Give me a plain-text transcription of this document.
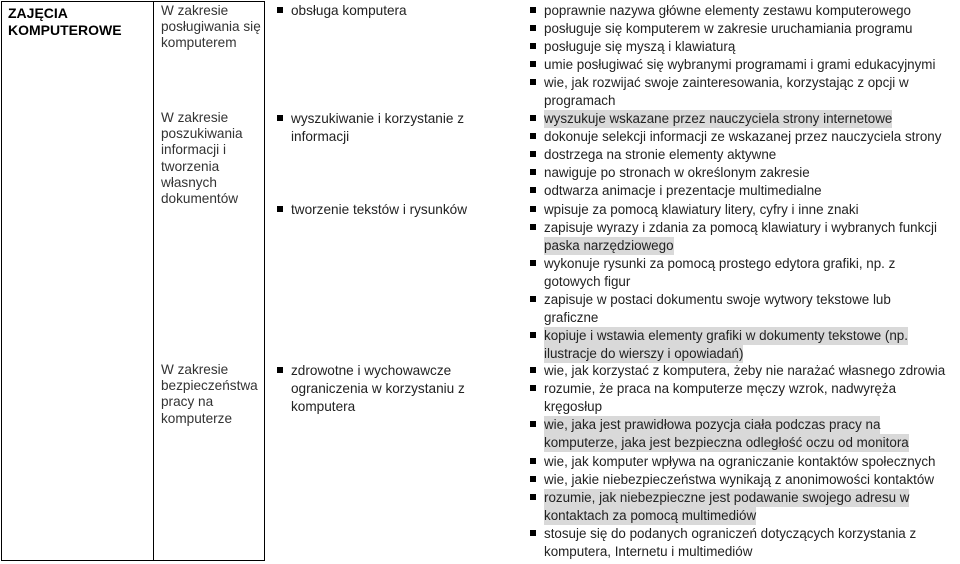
ZAJĘCIA KOMPUTEROWE
W zakresie posługiwania się komputerem
W zakresie poszukiwania informacji i tworzenia własnych dokumentów
W zakresie bezpieczeństwa pracy na komputerze
obsługa komputera
wyszukiwanie i korzystanie z informacji
tworzenie tekstów i rysunków
zdrowotne i wychowawcze ograniczenia w korzystaniu z komputera
poprawnie nazywa główne elementy zestawu komputerowego
posługuje się komputerem w zakresie uruchamiania programu
posługuje się myszą i klawiaturą
umie posługiwać się wybranymi programami i grami edukacyjnymi
wie, jak rozwijać swoje zainteresowania, korzystając z opcji w
programach
wyszukuje wskazane przez nauczyciela strony internetowe
dokonuje selekcji informacji ze wskazanej przez nauczyciela strony
dostrzega na stronie elementy aktywne
nawiguje po stronach w określonym zakresie
odtwarza animacje i prezentacje multimedialne
wpisuje za pomocą klawiatury litery, cyfry i inne znaki
zapisuje wyrazy i zdania za pomocą klawiatury i wybranych funkcji
paska narzędziowego
wykonuje rysunki za pomocą prostego edytora grafiki, np. z
gotowych figur
zapisuje w postaci dokumentu swoje wytwory tekstowe lub
graficzne
kopiuje i wstawia elementy grafiki w dokumenty tekstowe (np.
ilustracje do wierszy i opowiadań)
wie, jak korzystać z komputera, żeby nie narażać własnego zdrowia
rozumie, że praca na komputerze męczy wzrok, nadwyręża
kręgosłup
wie, jaka jest prawidłowa pozycja ciała podczas pracy na
komputerze, jaka jest bezpieczna odległość oczu od monitora
wie, jak komputer wpływa na ograniczanie kontaktów społecznych
wie, jakie niebezpieczeństwa wynikają z anonimowości kontaktów
rozumie, jak niebezpieczne jest podawanie swojego adresu w
kontaktach za pomocą multimediów
stosuje się do podanych ograniczeń dotyczących korzystania z
komputera, Internetu i multimediów
